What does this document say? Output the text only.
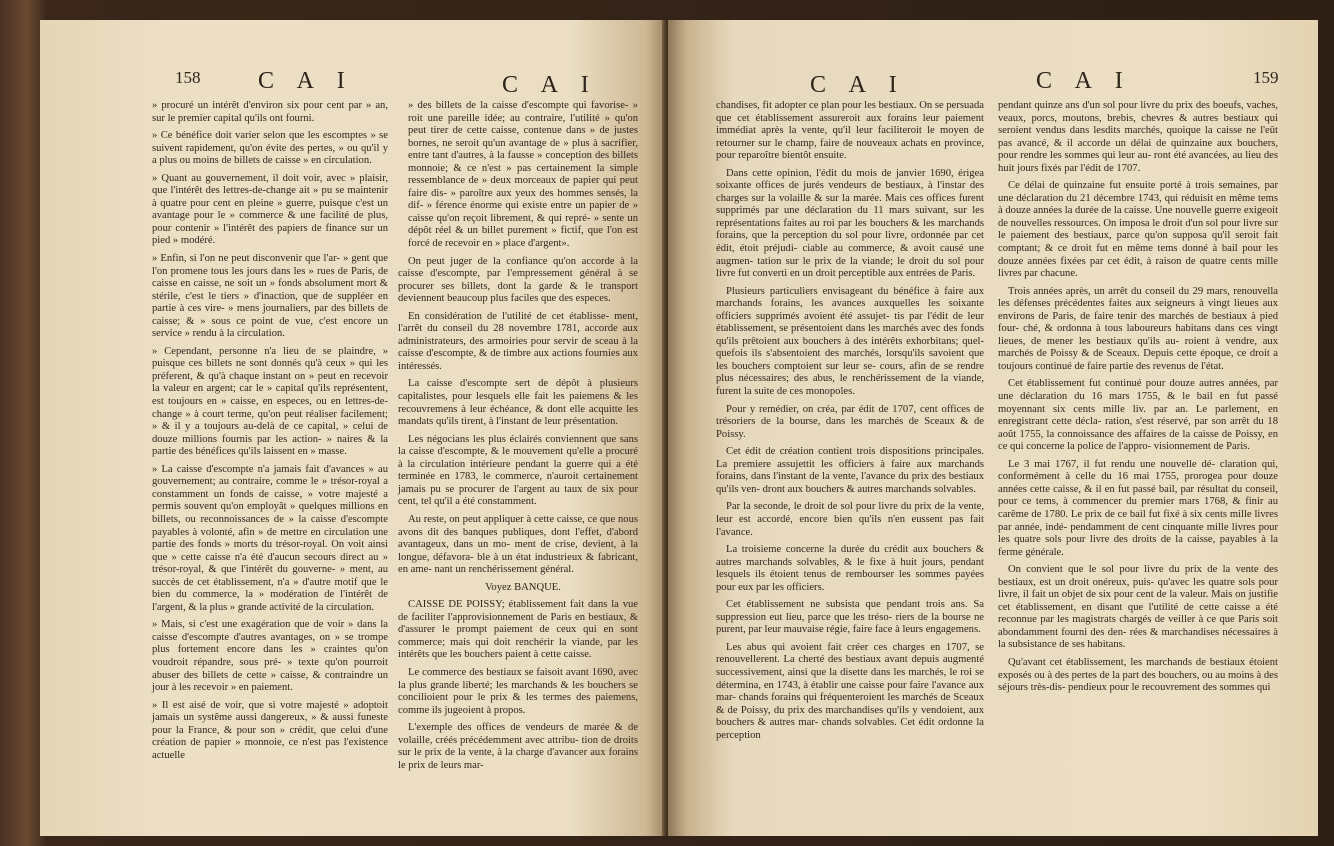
158 C A I	C A I

» procuré un intérêt d'environ six pour cent par » an, sur le premier capital qu'ils ont fourni.

» Ce bénéfice doit varier selon que les escomptes » se suivent rapidement, qu'on évite des pertes, » ou qu'il y a plus ou moins de billets de caisse » en circulation.

» Quant au gouvernement, il doit voir, avec » plaisir, que l'intérêt des lettres-de-change ait » pu se maintenir à quatre pour cent en pleine » guerre, puisque c'est un avantage pour le » commerce & une facilité de plus, pour contenir » l'intérêt des papiers de finance sur un pied » modéré.

» Enfin, si l'on ne peut disconvenir que l'ar- » gent que l'on promene tous les jours dans les » rues de Paris, de caisse en caisse, ne soit un » fonds absolument mort & stérile, c'est le tiers » d'inaction, que de suppléer en partie à ces vire- » mens journaliers, par des billets de caisse; & » sous ce point de vue, c'est encore un service » rendu à la circulation.

» Cependant, personne n'a lieu de se plaindre, » puisque ces billets ne sont donnés qu'à ceux » qui les préferent, & qu'à chaque instant on » peut en recevoir la valeur en argent; car le » capital qu'ils représentent, est toujours en » caisse, en especes, ou en lettres-de-change » à court terme, qu'on peut réaliser facilement; » & il y a toujours au-delà de ce capital, » celui de douze millions fournis par les action- » naires & la partie des bénéfices qu'ils laissent en » masse.

» La caisse d'escompte n'a jamais fait d'avances » au gouvernement; au contraire, comme le » trésor-royal a constamment un fonds de caisse, » votre majesté a permis souvent qu'on employât » quelques millions en billets, ou reconnoissances de » la caisse d'escompte payables à volonté, afin » de mettre en circulation une partie des fonds » morts du trésor-royal. On voit ainsi que » cette caisse n'a été d'aucun secours direct au » trésor-royal, & que l'intérêt du gouverne- » ment, au succès de cet établissement, n'a » d'autre motif que le bien du commerce, la » modération de l'intérêt de l'argent, & la plus » grande activité de la circulation.

» Mais, si c'est une exagération que de voir » dans la caisse d'escompte d'autres avantages, on » se trompe plus fortement encore dans les » craintes qu'on voudroit répandre, sous pré- » texte qu'on pourroit abuser des billets de cette » caisse, & contraindre un jour à les recevoir » en paiement.

» Il est aisé de voir, que si votre majesté » adoptoit jamais un systême aussi dangereux, » & aussi funeste pour la France, & pour son » crédit, que celui d'une création de papier » monnoie, ce n'est pas l'existence actuelle

» des billets de la caisse d'escompte qui favorise- » roit une pareille idée; au contraire, l'utilité » qu'on peut tirer de cette caisse, contenue dans » de justes bornes, ne seroit qu'un avantage de » plus à sacrifier, entre tant d'autres, à la fausse » conception des billets monnoie; & ce n'est » pas certainement la simple ressemblance de » deux morceaux de papier qui peut faire dis- » paroître aux yeux des hommes sensés, la dif- » férence énorme qui existe entre un papier de » caisse qu'on reçoit librement, & qui repré- » sente un dépôt réel & un billet purement » fictif, que l'on est forcé de recevoir en » place d'argent».

On peut juger de la confiance qu'on accorde à la caisse d'escompte, par l'empressement général à se procurer ses billets, dont la garde & le transport deviennent beaucoup plus faciles que des especes.

En considération de l'utilité de cet établisse- ment, l'arrêt du conseil du 28 novembre 1781, accorde aux administrateurs, des armoiries pour servir de sceau à la caisse d'escompte, & de timbre aux actions fournies aux intéressés.

La caisse d'escompte sert de dépôt à plusieurs capitalistes, pour lesquels elle fait les paiemens & les recouvremens à leur échéance, & dont elle acquitte les mandats qu'ils tirent, à l'instant de leur présentation.

Les négocians les plus éclairés conviennent que sans la caisse d'escompte, & le mouvement qu'elle a procuré à la circulation intérieure pendant la guerre qui a été terminée en 1783, le commerce, n'auroit certainement jamais pu se procurer de l'argent au taux de six pour cent, tel qu'il a été constamment.

Au reste, on peut appliquer à cette caisse, ce que nous avons dit des banques publiques, dont l'effet, d'abord avantageux, dans un mo- ment de crise, devient, à la longue, défavora- ble à un état industrieux & fabricant, en ame- nant un renchérissement général.

Voyez BANQUE.

CAISSE DE POISSY; établissement fait dans la vue de faciliter l'approvisionnement de Paris en bestiaux, & d'assurer le prompt paiement de ceux qui en sont commerce; mais qui doit renchérir la viande, par les intérêts que les bouchers paient à cette caisse.

Le commerce des bestiaux se faisoit avant 1690, avec la plus grande liberté; les marchands & les bouchers se concilioient pour le prix & les termes des paiemens, comme ils jugeoient à propos.

L'exemple des offices de vendeurs de marée & de volaille, créés précédemment avec attribu- tion de droits sur le prix de la vente, à la charge d'avancer aux forains le prix de leurs mar-

C A I	C A I	159

chandises, fit adopter ce plan pour les bestiaux. On se persuada que cet établissement assureroit aux forains leur paiement immédiat après la vente, qu'il leur faciliteroit le moyen de retourner sur le champ, faire de nouveaux achats en province, pour reparoître bientôt ensuite.

Dans cette opinion, l'édit du mois de janvier 1690, érigea soixante offices de jurés vendeurs de bestiaux, à l'instar des charges sur la volaille & sur la marée. Mais ces offices furent supprimés par une déclaration du 11 mars suivant, sur les représentations faites au roi par les bouchers & les marchands forains, que la perception du sol pour livre, ordonnée par cet édit, étoit préjudi- ciable au commerce, & avoit causé une augmen- tation sur le prix de la viande; le droit du sol pour livre fut converti en un droit perceptible aux entrées de Paris.

Plusieurs particuliers envisageant du bénéfice à faire aux marchands forains, les avances auxquelles les soixante officiers supprimés avoient été assujet- tis par l'édit de leur établissement, se présentoient dans les marchés avec des fonds qu'ils prêtoient aux bouchers à des intérêts exhorbitans; quel- quefois ils s'absentoient des marchés, lorsqu'ils savoient que les bouchers comptoient sur leur se- cours, afin de se rendre plus nécessaires; des abus, le renchérissement de la viande, furent la suite de ces monopoles.

Pour y remédier, on créa, par édit de 1707, cent offices de trésoriers de la bourse, dans les marchés de Sceaux & de Poissy.

Cet édit de création contient trois dispositions principales. La premiere assujettit les officiers à faire aux marchands forains, dans l'instant de la vente, l'avance du prix des bestiaux qu'ils ven- dront aux bouchers & autres marchands solvables.

Par la seconde, le droit de sol pour livre du prix de la vente, leur est accordé, encore bien qu'ils n'en eussent pas fait l'avance.

La troisieme concerne la durée du crédit aux bouchers & autres marchands solvables, & le fixe à huit jours, pendant lesquels ils étoient tenus de rembourser les sommes payées pour eux par les officiers.

Cet établissement ne subsista que pendant trois ans. Sa suppression eut lieu, parce que les tréso- riers de la bourse ne purent, par leur mauvaise régie, faire face à leurs engagemens.

Les abus qui avoient fait créer ces charges en 1707, se renouvellerent. La cherté des bestiaux avant depuis augmenté successivement, ainsi que la disette dans les marchés, le roi se détermina, en 1743, à établir une caisse pour faire l'avance aux mar- chands forains qui fréquenteroient les marchés de Sceaux & de Poissy, du prix des marchandises qu'ils y vendoient, aux bouchers & autres mar- chands solvables. Cet édit ordonne la perception

pendant quinze ans d'un sol pour livre du prix des boeufs, vaches, veaux, porcs, moutons, brebis, chevres & autres bestiaux qui seroient vendus dans lesdits marchés, quoique la caisse ne l'eût pas avancé, & il accorde un délai de quinzaine aux bouchers, pour rendre les sommes qui leur au- ront été avancées, au lieu des huit jours fixés par l'édit de 1707.

Ce délai de quinzaine fut ensuite porté à trois semaines, par une déclaration du 21 décembre 1743, qui réduisit en même tems à douze années la durée de la caisse. Une nouvelle guerre exigeoit de nouvelles ressources. On imposa le droit d'un sol pour livre sur le paiement des bestiaux, parce qu'on supposa qu'il seroit fait comptant; & ce droit fut en même tems donné à bail pour les douze années fixées par cet édit, à raison de quatre cents mille livres par chacune.

Trois années après, un arrêt du conseil du 29 mars, renouvella les défenses précédentes faites aux seigneurs à vingt lieues aux environs de Paris, de faire tenir des marchés de bestiaux à pied four- ché, & ordonna à tous laboureurs habitans dans ces vingt lieues, de mener les bestiaux qu'ils au- roient à vendre, aux marchés de Poissy & de Sceaux. Depuis cette époque, ce droit a toujours continué de faire partie des revenus de l'état.

Cet établissement fut continué pour douze autres années, par une déclaration du 16 mars 1755, & le bail en fut passé moyennant six cents mille liv. par an. Le parlement, en enregistrant cette décla- ration, s'est réservé, par son arrêt du 18 août 1755, la connoissance des affaires de la caisse de Poissy, en ce qui concerne la police de l'appro- visionnement de Paris.

Le 3 mai 1767, il fut rendu une nouvelle dé- claration qui, conformément à celle du 16 mai 1755, prorogea pour douze années cette caisse, & il en fut passé bail, par résultat du conseil, pour ce tems, à commencer du premier mars 1768, & finir au carême de 1780. Le prix de ce bail fut fixé à six cents mille livres par année, indé- pendamment de cent cinquante mille livres pour les quatre sols pour livre des droits de la caisse, payables à la ferme générale.

On convient que le sol pour livre du prix de la vente des bestiaux, est un droit onéreux, puis- qu'avec les quatre sols pour livre, il fait un objet de six pour cent de la valeur. Mais on justifie cet établissement, en disant que l'utilité de cette caisse a été reconnue par les magistrats chargés de veiller à ce que Paris soit abondamment fourni des den- rées & marchandises nécessaires à la subsistance de ses habitans.

Qu'avant cet établissement, les marchands de bestiaux étoient exposés ou à des pertes de la part des bouchers, ou au moins à des séjours très-dis- pendieux pour le recouvrement des sommes qui
